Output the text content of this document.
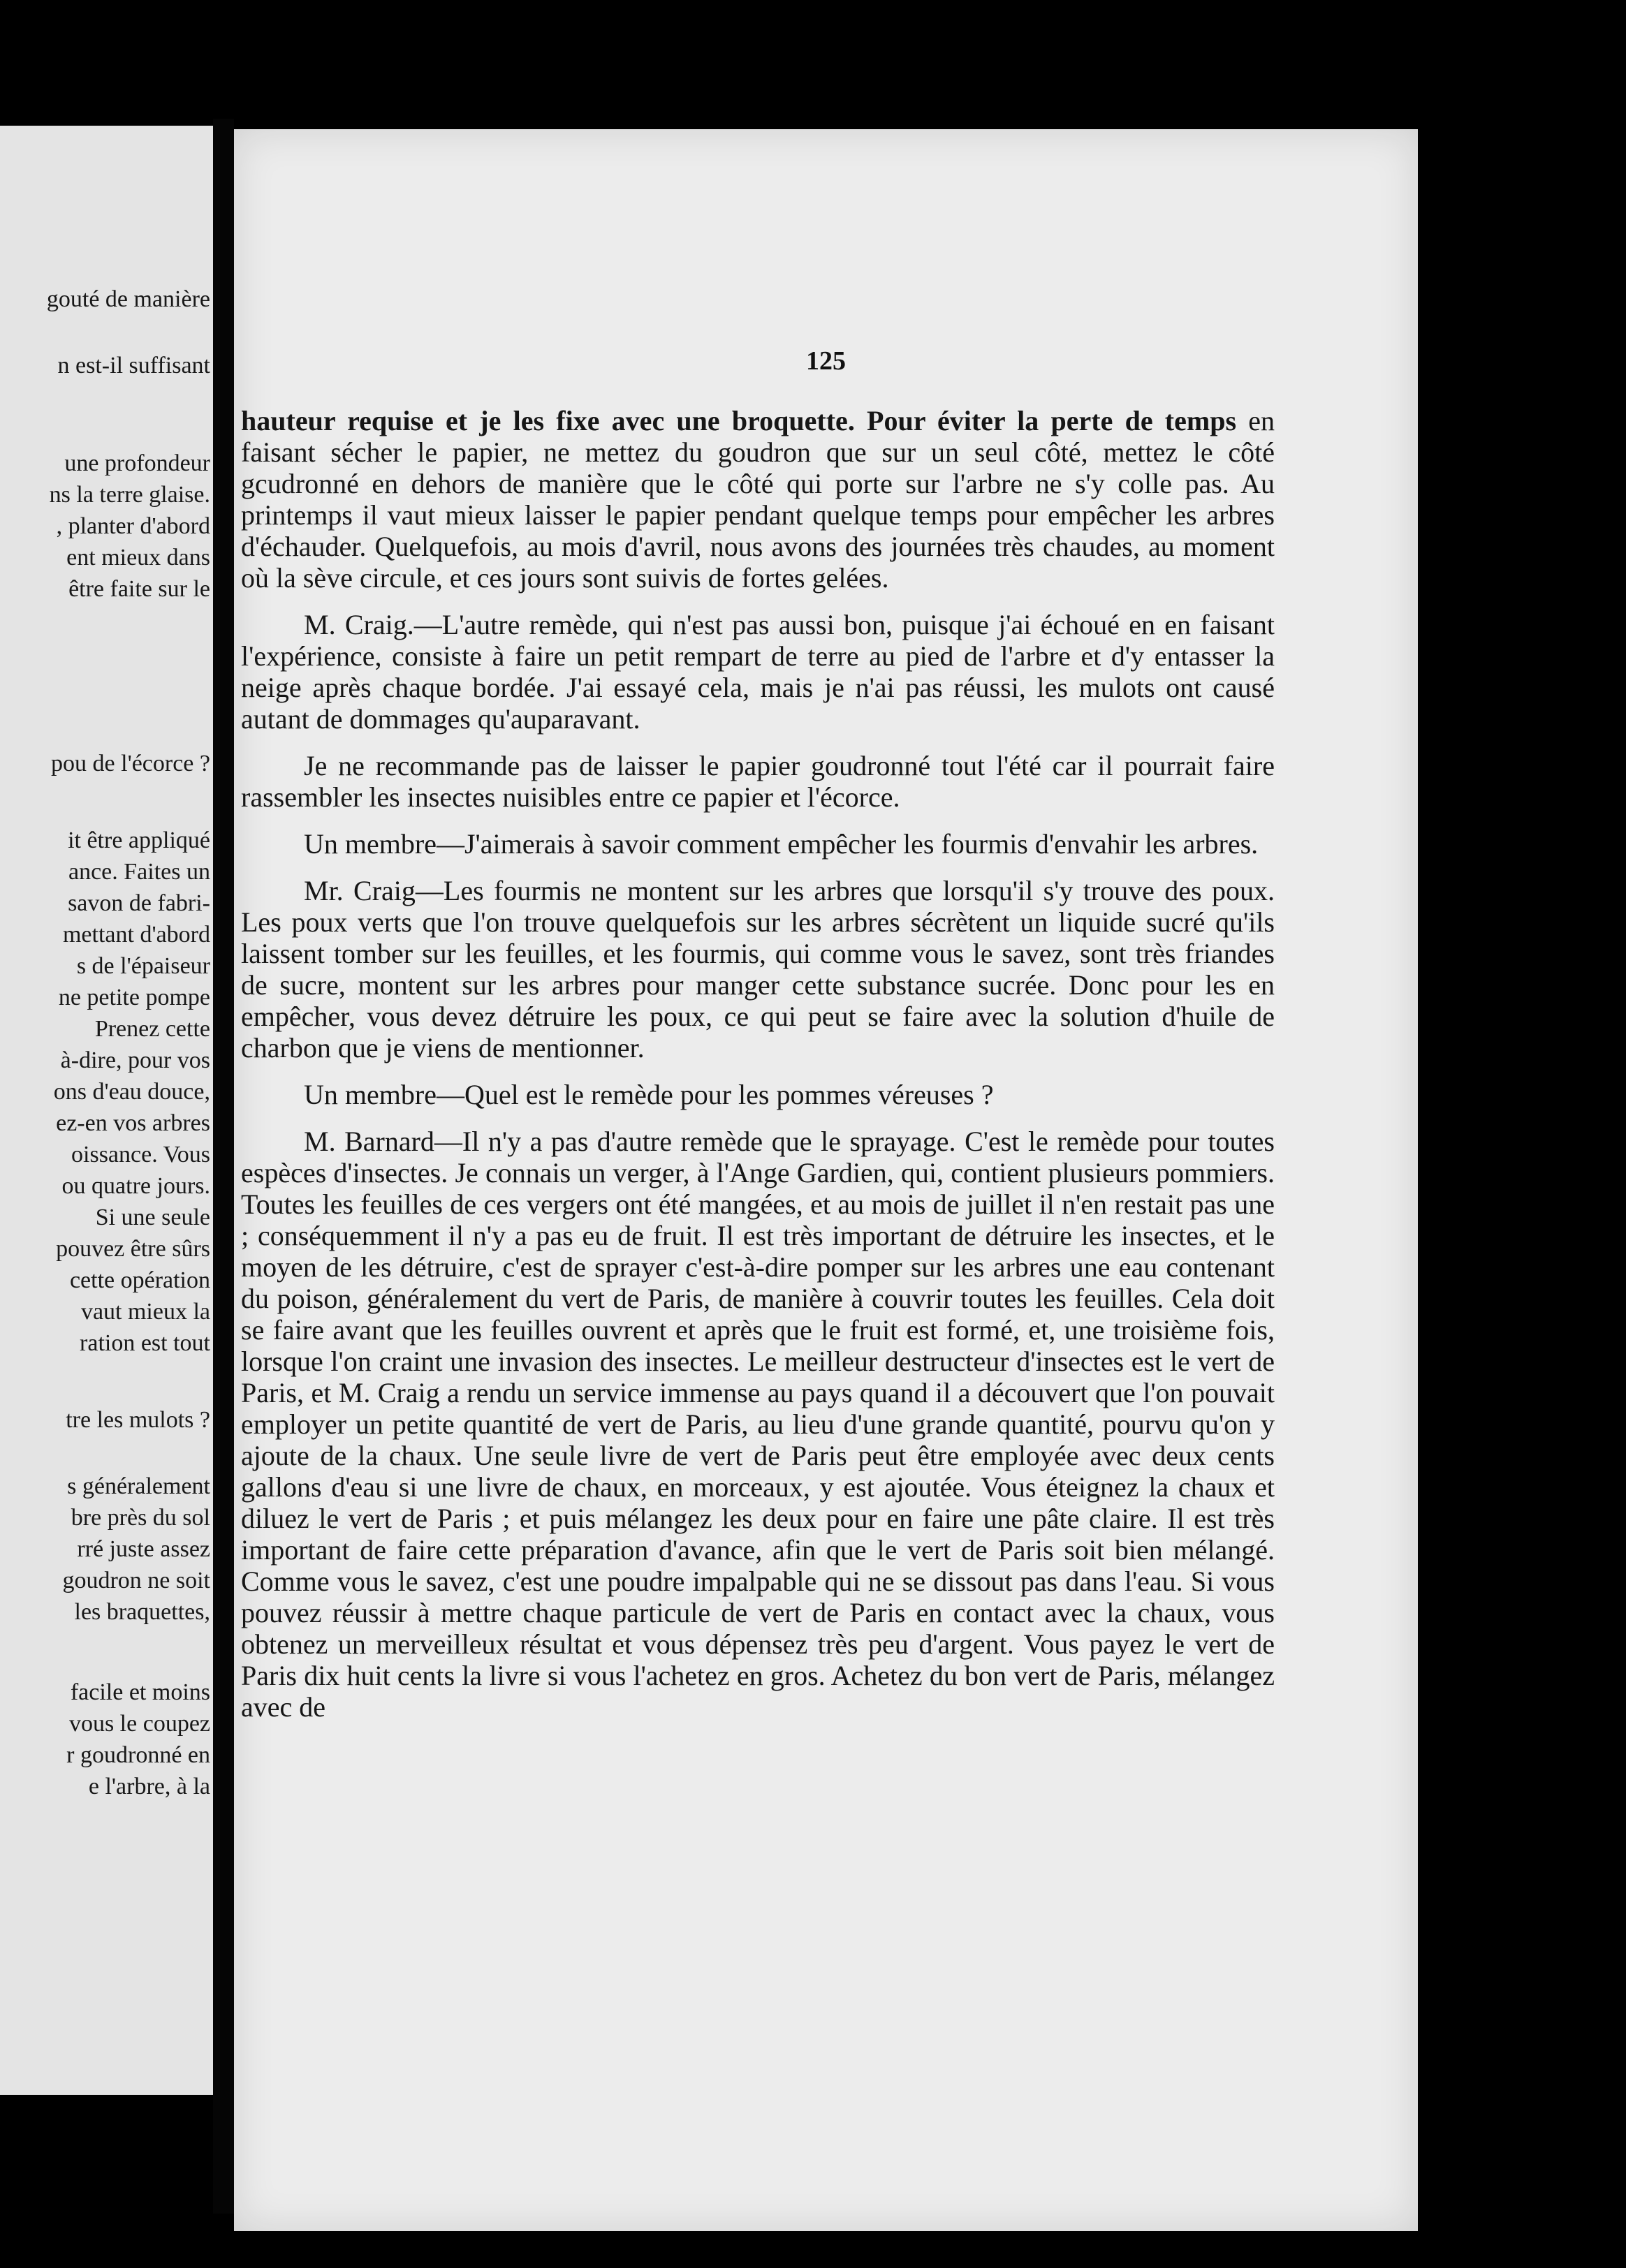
gouté de manière
n est-il suffisant
une profondeur
ns la terre glaise.
, planter d'abord
ent mieux dans
être faite sur le
pou de l'écorce ?
it être appliqué
ance. Faites un
savon de fabri-
mettant d'abord
s de l'épaiseur
ne petite pompe
Prenez cette
à-dire, pour vos
ons d'eau douce,
ez-en vos arbres
oissance. Vous
ou quatre jours.
Si une seule
pouvez être sûrs
cette opération
vaut mieux la
ration est tout
tre les mulots ?
s généralement
bre près du sol
rré juste assez
goudron ne soit
les braquettes,
facile et moins
vous le coupez
r goudronné en
e l'arbre, à la
125

hauteur requise et je les fixe avec une broquette. Pour éviter la perte de temps en faisant sécher le papier, ne mettez du goudron que sur un seul côté, mettez le côté gcudronné en dehors de manière que le côté qui porte sur l'arbre ne s'y colle pas. Au printemps il vaut mieux laisser le papier pendant quelque temps pour empêcher les arbres d'échauder. Quelquefois, au mois d'avril, nous avons des journées très chaudes, au moment où la sève circule, et ces jours sont suivis de fortes gelées.

M. Craig.—L'autre remède, qui n'est pas aussi bon, puisque j'ai échoué en en faisant l'expérience, consiste à faire un petit rempart de terre au pied de l'arbre et d'y entasser la neige après chaque bordée. J'ai essayé cela, mais je n'ai pas réussi, les mulots ont causé autant de dommages qu'auparavant.

Je ne recommande pas de laisser le papier goudronné tout l'été car il pourrait faire rassembler les insectes nuisibles entre ce papier et l'écorce.

Un membre—J'aimerais à savoir comment empêcher les fourmis d'envahir les arbres.

Mr. Craig—Les fourmis ne montent sur les arbres que lorsqu'il s'y trouve des poux. Les poux verts que l'on trouve quelquefois sur les arbres sécrètent un liquide sucré qu'ils laissent tomber sur les feuilles, et les fourmis, qui comme vous le savez, sont très friandes de sucre, montent sur les arbres pour manger cette substance sucrée. Donc pour les en empêcher, vous devez détruire les poux, ce qui peut se faire avec la solution d'huile de charbon que je viens de mentionner.

Un membre—Quel est le remède pour les pommes véreuses ?

M. Barnard—Il n'y a pas d'autre remède que le sprayage. C'est le remède pour toutes espèces d'insectes. Je connais un verger, à l'Ange Gardien, qui, contient plusieurs pommiers. Toutes les feuilles de ces vergers ont été mangées, et au mois de juillet il n'en restait pas une ; conséquemment il n'y a pas eu de fruit. Il est très important de détruire les insectes, et le moyen de les détruire, c'est de sprayer c'est-à-dire pomper sur les arbres une eau contenant du poison, généralement du vert de Paris, de manière à couvrir toutes les feuilles. Cela doit se faire avant que les feuilles ouvrent et après que le fruit est formé, et, une troisième fois, lorsque l'on craint une invasion des insectes. Le meilleur destructeur d'insectes est le vert de Paris, et M. Craig a rendu un service immense au pays quand il a découvert que l'on pouvait employer un petite quantité de vert de Paris, au lieu d'une grande quantité, pourvu qu'on y ajoute de la chaux. Une seule livre de vert de Paris peut être employée avec deux cents gallons d'eau si une livre de chaux, en morceaux, y est ajoutée. Vous éteignez la chaux et diluez le vert de Paris ; et puis mélangez les deux pour en faire une pâte claire. Il est très important de faire cette préparation d'avance, afin que le vert de Paris soit bien mélangé. Comme vous le savez, c'est une poudre impalpable qui ne se dissout pas dans l'eau. Si vous pouvez réussir à mettre chaque particule de vert de Paris en contact avec la chaux, vous obtenez un merveilleux résultat et vous dépensez très peu d'argent. Vous payez le vert de Paris dix huit cents la livre si vous l'achetez en gros. Achetez du bon vert de Paris, mélangez avec de
